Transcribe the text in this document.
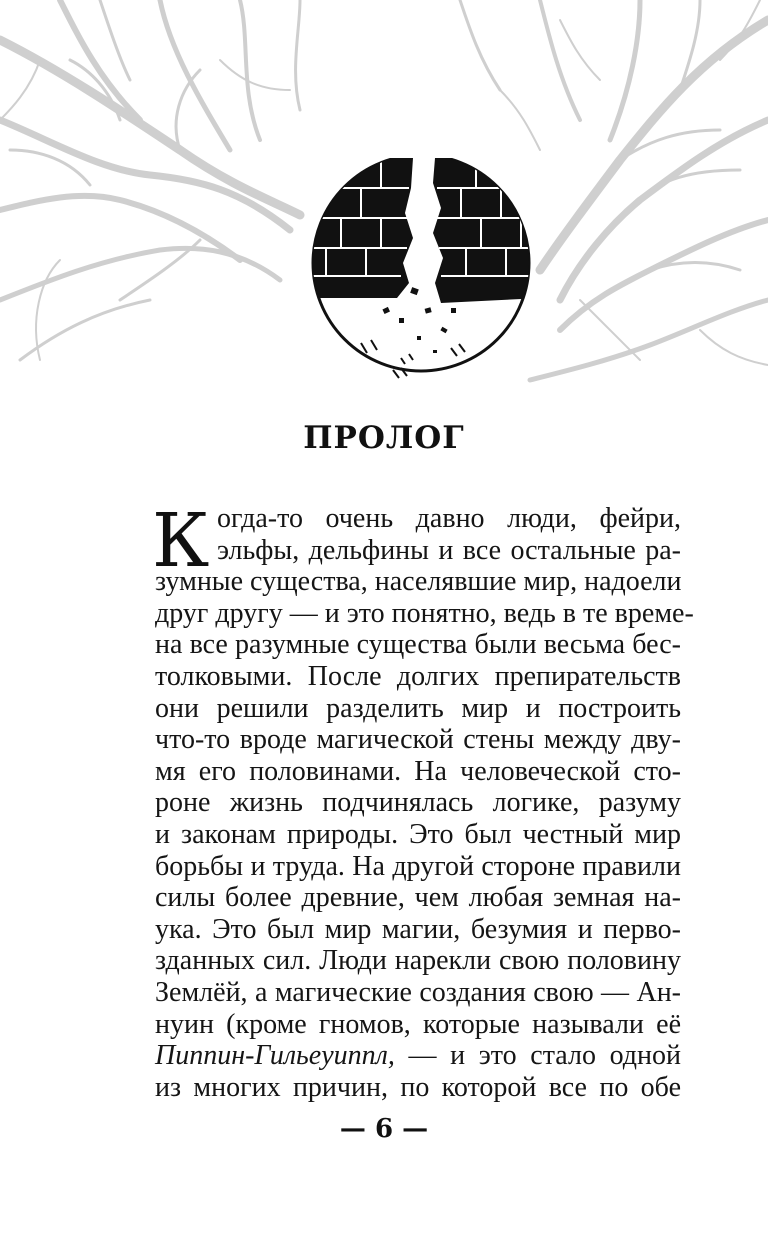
ПРОЛОГ
К огда-то очень давно люди, фейри,
эльфы, дельфины и все остальные ра-
зумные существа, населявшие мир, надоели
друг другу — и это понятно, ведь в те време-
на все разумные существа были весьма бес-
толковыми. После долгих препирательств
они решили разделить мир и построить
что-то вроде магической стены между дву-
мя его половинами. На человеческой сто-
роне жизнь подчинялась логике, разуму
и законам природы. Это был честный мир
борьбы и труда. На другой стороне правили
силы более древние, чем любая земная на-
ука. Это был мир магии, безумия и перво-
зданных сил. Люди нарекли свою половину
Землёй, а магические создания свою — Ан-
нуин (кроме гномов, которые называли её
Пиппин-Гильеуиппл, — и это стало одной
из многих причин, по которой все по обе
— 6 —
